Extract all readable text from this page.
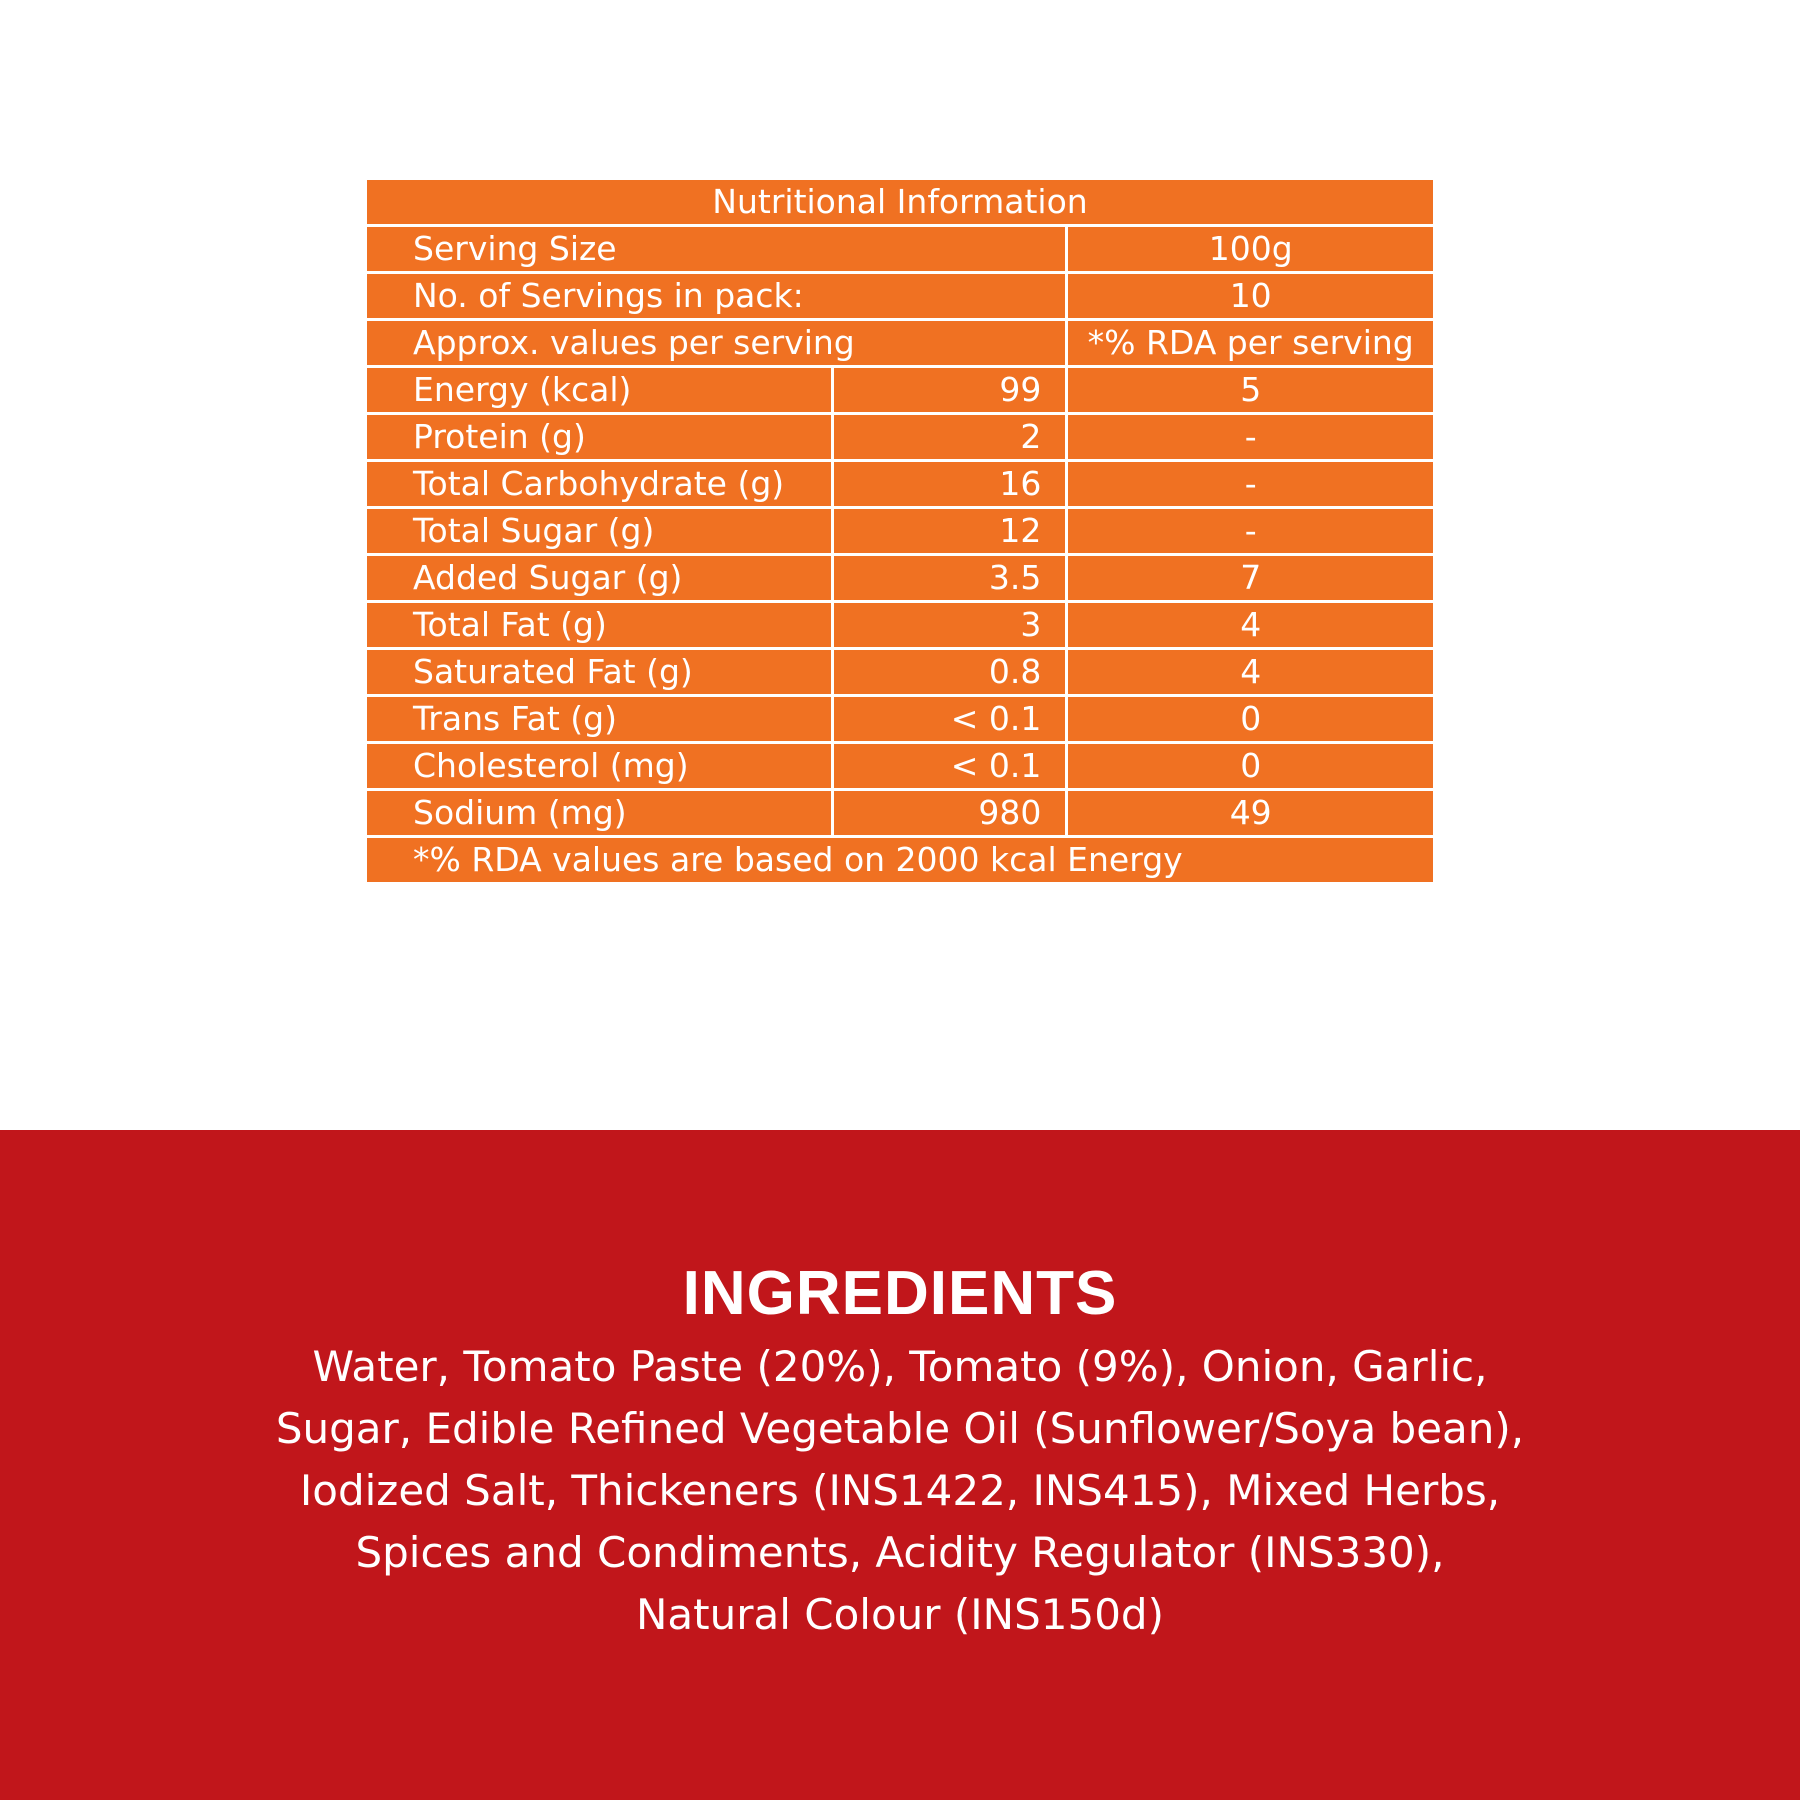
Nutritional Information		
Serving Size		100g
No. of Servings in pack:		10
Approx. values per serving		*% RDA per serving
Energy (kcal)	99	5
Protein (g)	2	-
Total Carbohydrate (g)	16	-
Total Sugar (g)	12	-
Added Sugar (g)	3.5	7
Total Fat (g)	3	4
Saturated Fat (g)	0.8	4
Trans Fat (g)	< 0.1	0
Cholesterol (mg)	< 0.1	0
Sodium (mg)	980	49
*% RDA values are based on 2000 kcal Energy		
INGREDIENTS

Water, Tomato Paste (20%), Tomato (9%), Onion, Garlic,
Sugar, Edible Refined Vegetable Oil (Sunflower/Soya bean),
Iodized Salt, Thickeners (INS1422, INS415), Mixed Herbs,
Spices and Condiments, Acidity Regulator (INS330),
Natural Colour (INS150d)
